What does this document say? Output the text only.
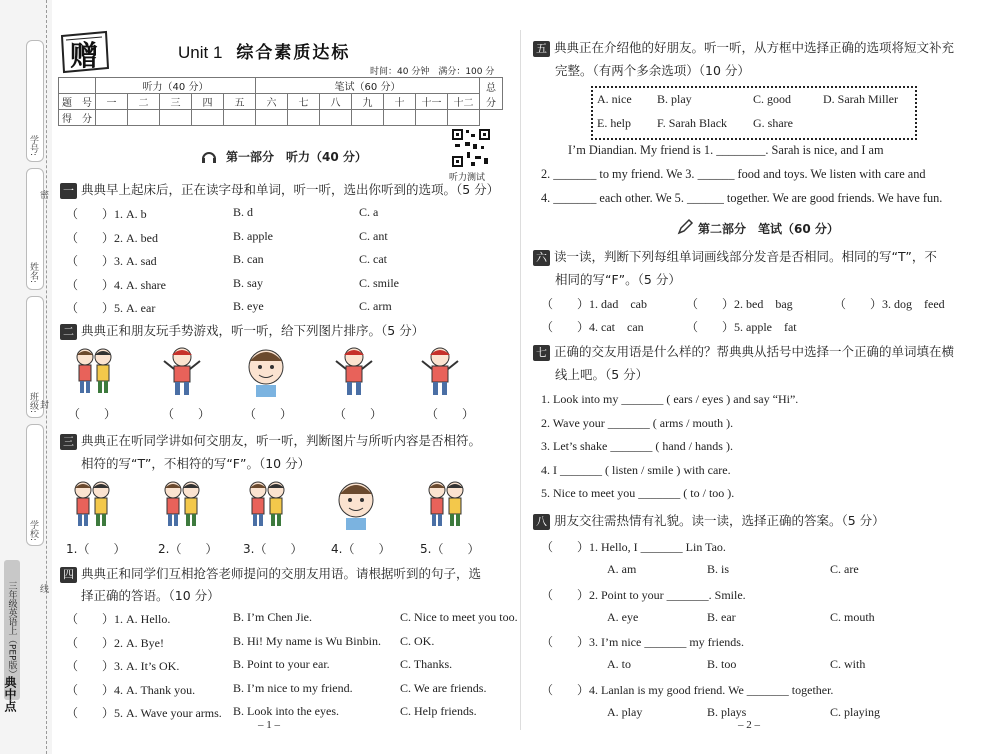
学号:
姓名:
班级:
学校:
密
封
线
三年级英语上（PEP版）
典中点
赠	Unit 1 综合素质达标
时间：40 分钟　满分：100 分
	听力（40 分）					笔试（60 分）							总
分
题　号	一	二	三	四	五	六	七	八	九	十	十一	十二	
得　分													
听力测试
第一部分　听力（40 分）
一 典典早上起床后，正在读字母和单词，听一听，选出你听到的选项。（5 分）
（　　）1. A. b	B. d	C. a
（　　）2. A. bed	B. apple	C. ant
（　　）3. A. sad	B. can	C. cat
（　　）4. A. share	B. say	C. smile
（　　）5. A. ear	B. eye	C. arm
二 典典正和朋友玩手势游戏，听一听，给下列图片排序。（5 分）
（　　）	（　　）	（　　）	（　　）	（　　）
三 典典正在听同学讲如何交朋友，听一听，判断图片与所听内容是否相符。
相符的写“T”，不相符的写“F”。（10 分）
1.（　　）	2.（　　） 3.（　　） 4.（　　） 5.（　　）
四 典典正和同学们互相抢答老师提问的交朋友用语。请根据听到的句子，选
择正确的答语。（10 分）
（　　）1. A. Hello.	B. I’m Chen Jie.	C. Nice to meet you too.
（　　）2. A. Bye!	B. Hi! My name is Wu Binbin. C. OK.
（　　）3. A. It’s OK.	B. Point to your ear.	C. Thanks.
（　　）4. A. Thank you.	B. I’m nice to my friend.	C. We are friends.
（　　）5. A. Wave your arms. B. Look into the eyes.	C. Help friends.
– 1 –
五 典典正在介绍他的好朋友。听一听，从方框中选择正确的选项将短文补充
完整。（有两个多余选项）（10 分）
A. nice B. play	C. good	D. Sarah Miller
E. help F. Sarah Black G. share
I’m Diandian. My friend is 1. ________. Sarah is nice, and I am
2. _______ to my friend. We 3. ______ food and toys. We listen with care and
4. _______ each other. We 5. ______ together. We are good friends. We have fun.
第二部分　笔试（60 分）
六 读一读，判断下列每组单词画线部分发音是否相同。相同的写“T”，不
相同的写“F”。（5 分）
（　　）1. dad　cab	（　　）2. bed　bag	（　　）3. dog　feed
（　　）4. cat　can	（　　）5. apple　fat
七 正确的交友用语是什么样的？帮典典从括号中选择一个正确的单词填在横
线上吧。（5 分）
1. Look into my _______ ( ears / eyes ) and say “Hi”.
2. Wave your _______ ( arms / mouth ).
3. Let’s shake _______ ( hand / hands ).
4. I _______ ( listen / smile ) with care.
5. Nice to meet you _______ ( to / too ).
八 朋友交往需热情有礼貌。读一读，选择正确的答案。（5 分）
（　　）1. Hello, I _______ Lin Tao.
A. am	B. is	C. are
（　　）2. Point to your _______. Smile.
A. eye	B. ear	C. mouth
（　　）3. I’m nice _______ my friends.
A. to	B. too	C. with
（　　）4. Lanlan is my good friend. We _______ together.
A. play	B. plays	C. playing
– 2 –
